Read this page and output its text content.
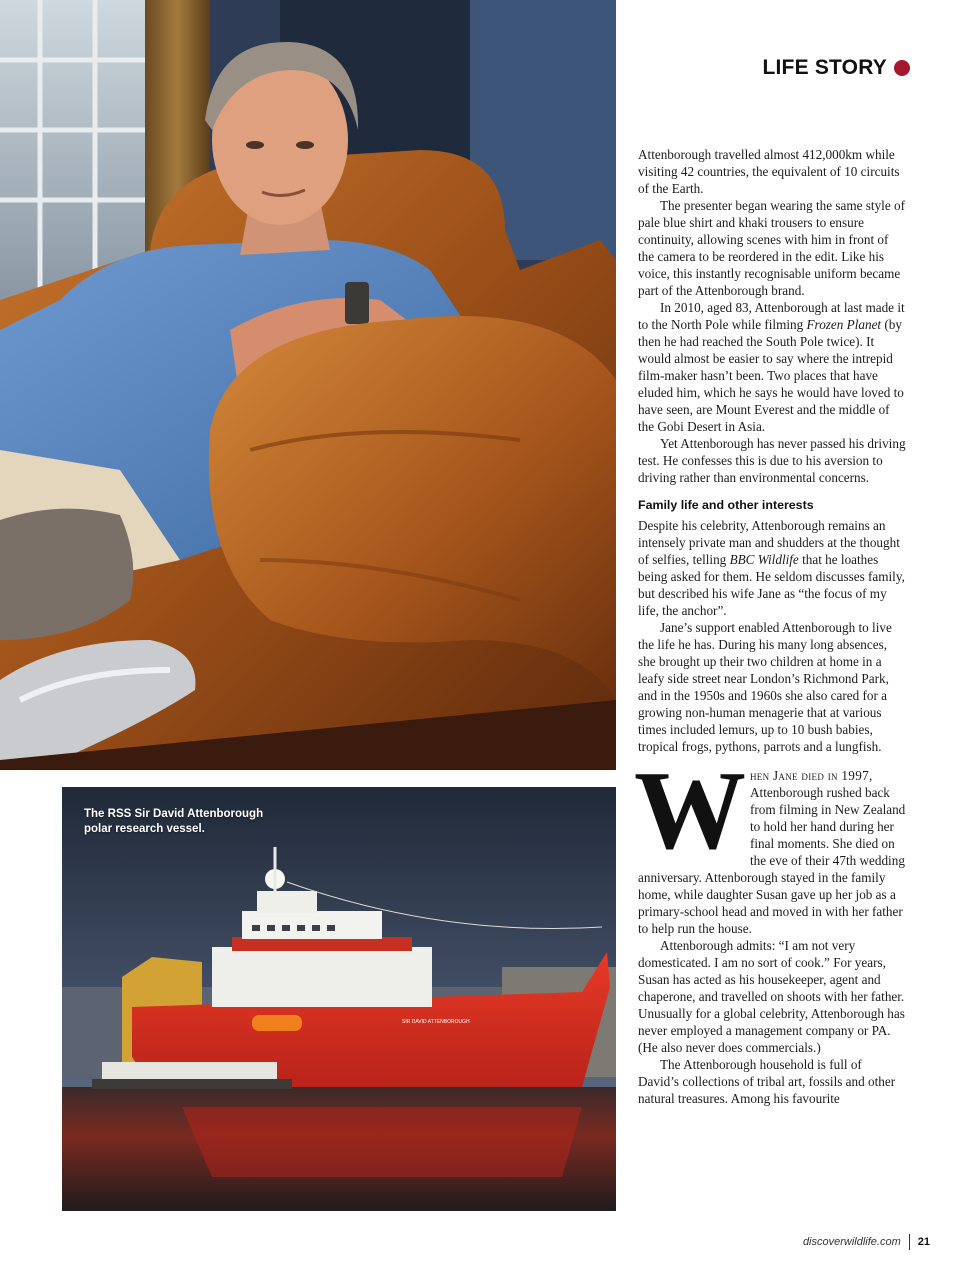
SIR DAVID ATTENBOROUGH
The RSS Sir David Attenborough polar research vessel.
LIFE STORY

Attenborough travelled almost 412,000km while visiting 42 countries, the equivalent of 10 circuits of the Earth.

The presenter began wearing the same style of pale blue shirt and khaki trousers to ensure continuity, allowing scenes with him in front of the camera to be reordered in the edit. Like his voice, this instantly recognisable uniform became part of the Attenborough brand.

In 2010, aged 83, Attenborough at last made it to the North Pole while filming Frozen Planet (by then he had reached the South Pole twice). It would almost be easier to say where the intrepid film-maker hasn’t been. Two places that have eluded him, which he says he would have loved to have seen, are Mount Everest and the middle of the Gobi Desert in Asia.

Yet Attenborough has never passed his driving test. He confesses this is due to his aversion to driving rather than environmental concerns.

Family life and other interests

Despite his celebrity, Attenborough remains an intensely private man and shudders at the thought of selfies, telling BBC Wildlife that he loathes being asked for them. He seldom discusses family, but described his wife Jane as “the focus of my life, the anchor”.

Jane’s support enabled Attenborough to live the life he has. During his many long absences, she brought up their two children at home in a leafy side street near London’s Richmond Park, and in the 1950s and 1960s she also cared for a growing non-human menagerie that at various times included lemurs, up to 10 bush babies, tropical frogs, pythons, parrots and a lungfish.

When Jane died in 1997, Attenborough rushed back from filming in New Zealand to hold her hand during her final moments. She died on the eve of their 47th wedding anniversary. Attenborough stayed in the family home, while daughter Susan gave up her job as a primary-school head and moved in with her father to help run the house.

Attenborough admits: “I am not very domesticated. I am no sort of cook.” For years, Susan has acted as his housekeeper, agent and chaperone, and travelled on shoots with her father. Unusually for a global celebrity, Attenborough has never employed a management company or PA. (He also never does commercials.)

The Attenborough household is full of David’s collections of tribal art, fossils and other natural treasures. Among his favourite

discoverwildlife.com 21
